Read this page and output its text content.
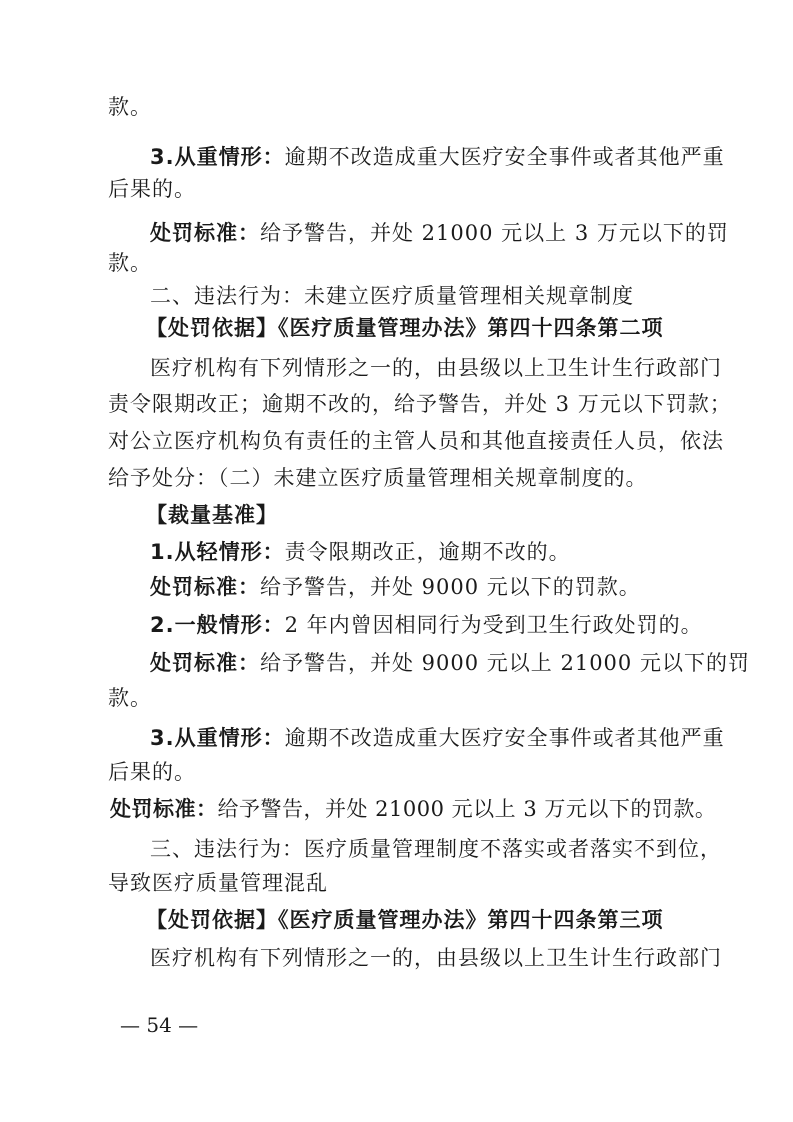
款。
3.从重情形：逾期不改造成重大医疗安全事件或者其他严重
后果的。
处罚标准：给予警告，并处 21000 元以上 3 万元以下的罚
款。
二、违法行为：未建立医疗质量管理相关规章制度
【处罚依据】《医疗质量管理办法》第四十四条第二项
医疗机构有下列情形之一的，由县级以上卫生计生行政部门
责令限期改正；逾期不改的，给予警告，并处 3 万元以下罚款；
对公立医疗机构负有责任的主管人员和其他直接责任人员，依法
给予处分：（二）未建立医疗质量管理相关规章制度的。
【裁量基准】
1.从轻情形：责令限期改正，逾期不改的。
处罚标准：给予警告，并处 9000 元以下的罚款。
2.一般情形：2 年内曾因相同行为受到卫生行政处罚的。
处罚标准：给予警告，并处 9000 元以上 21000 元以下的罚
款。
3.从重情形：逾期不改造成重大医疗安全事件或者其他严重
后果的。
处罚标准：给予警告，并处 21000 元以上 3 万元以下的罚款。
三、违法行为：医疗质量管理制度不落实或者落实不到位，
导致医疗质量管理混乱
【处罚依据】《医疗质量管理办法》第四十四条第三项
医疗机构有下列情形之一的，由县级以上卫生计生行政部门
— 54 —
